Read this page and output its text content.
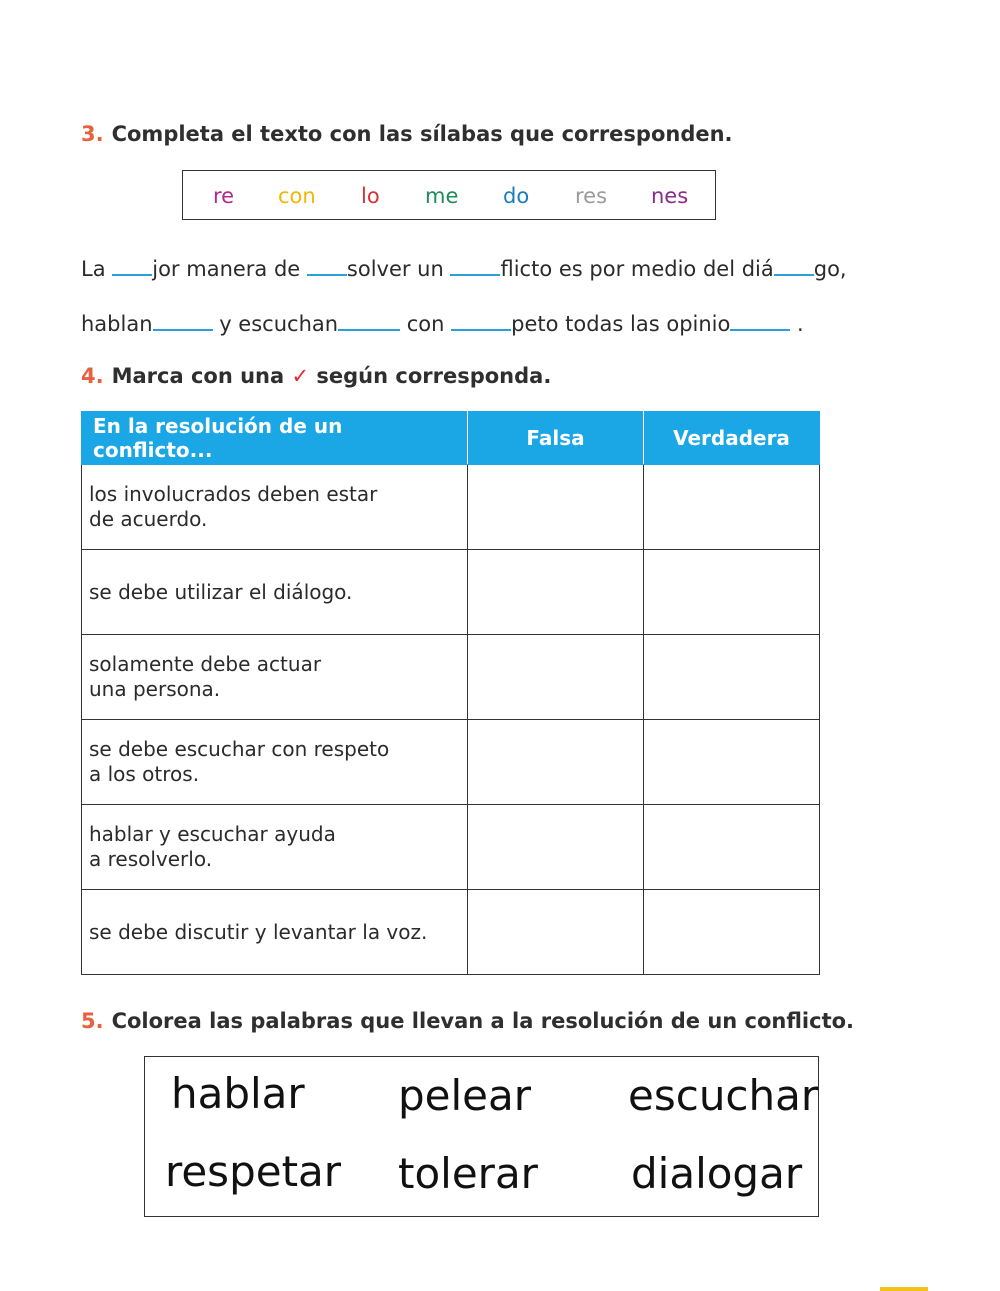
3. Completa el texto con las sílabas que corresponden.
re con lo me do res nes
La jor manera de solver un flicto es por medio del diá go,
hablan	y escuchan	con	peto todas las opinio	.
4. Marca con una ✓ según corresponda.
En la resolución de un conflicto...	Falsa	Verdadera

los involucrados deben estar
de acuerdo.		

se debe utilizar el diálogo.		

solamente debe actuar
una persona.		

se debe escuchar con respeto
a los otros.		

hablar y escuchar ayuda
a resolverlo.		

se debe discutir y levantar la voz.		

5. Colorea las palabras que llevan a la resolución de un conflicto.
hablar pelear escuchar
respetar tolerar dialogar
